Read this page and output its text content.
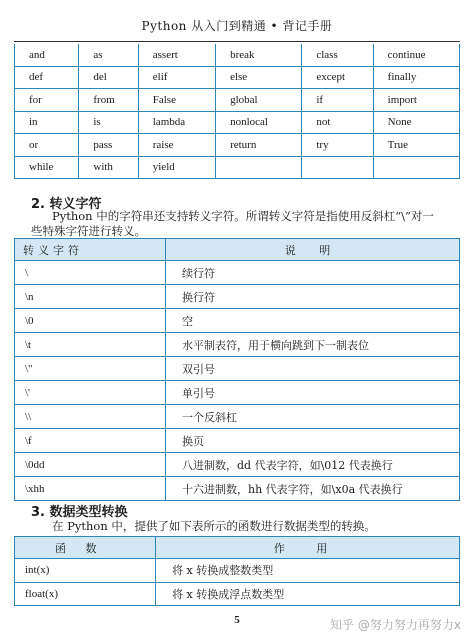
Python 从入门到精通 • 背记手册
and	as	assert	break	class	continue
def	del	elif	else	except	finally
for	from	False	global	if	import
in	is	lambda	nonlocal	not	None
or	pass	raise	return	try	True
while	with	yield			
2. 转义字符
Python 中的字符串还支持转义字符。所谓转义字符是指使用反斜杠“\”对一
些特殊字符进行转义。
转义字符	说 明
\	续行符
\n	换行符
\0	空
\t	水平制表符，用于横向跳到下一制表位
\"	双引号
\'	单引号
\\	一个反斜杠
\f	换页
\0dd	八进制数，dd 代表字符，如\012 代表换行
\xhh	十六进制数，hh 代表字符，如\x0a 代表换行
3. 数据类型转换
在 Python 中，提供了如下表所示的函数进行数据类型的转换。
函 数	作 用
int(x)	将 x 转换成整数类型
float(x)	将 x 转换成浮点数类型
5	知乎 @努力努力再努力x
